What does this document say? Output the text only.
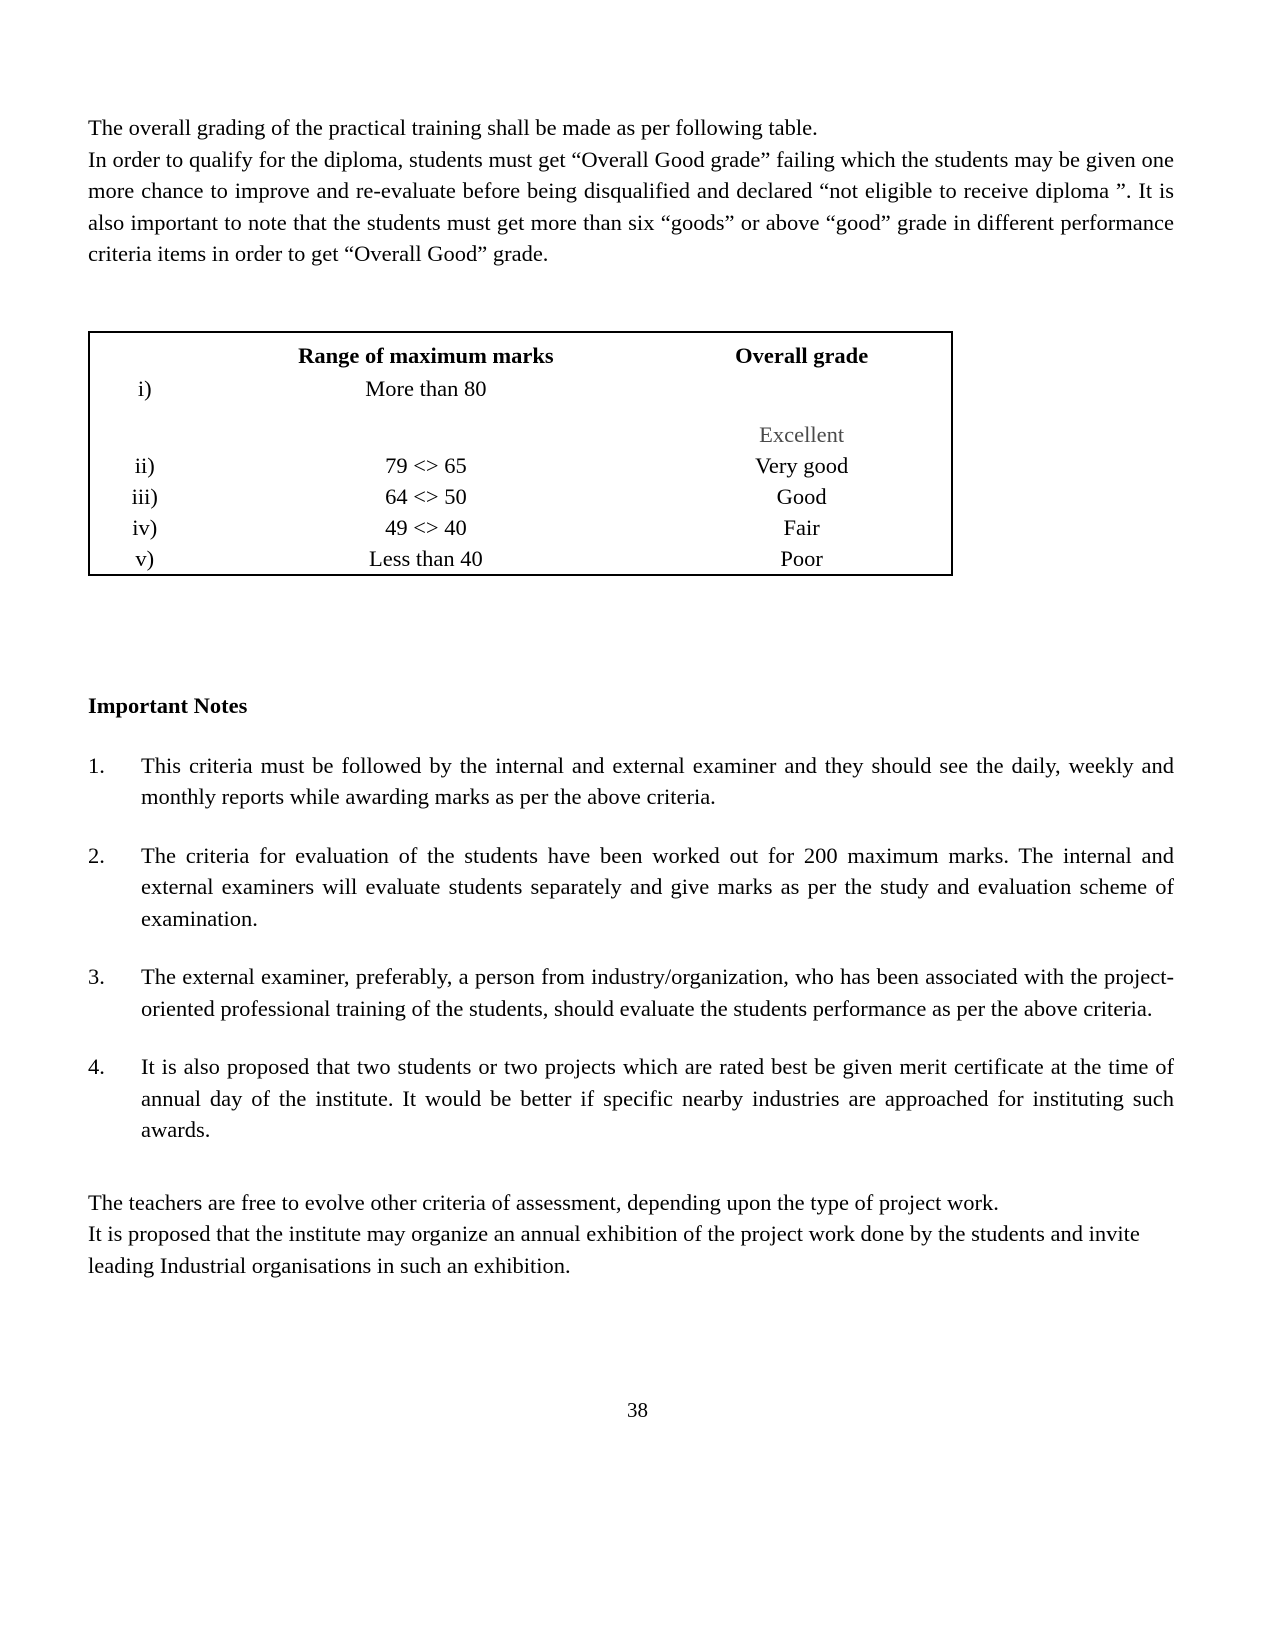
The overall grading of the practical training shall be made as per following table.

In order to qualify for the diploma, students must get “Overall Good grade” failing which the students may be given one more chance to improve and re-evaluate before being disqualified and declared “not eligible to receive diploma ”. It is also important to note that the students must get more than six “goods” or above “good” grade in different performance criteria items in order to get “Overall Good” grade.

	Range of maximum marks	Overall grade
i)	More than 80	Excellent
ii)	79 <> 65	Very good
iii)	64 <> 50	Good
iv)	49 <> 40	Fair
v)	Less than 40	Poor
Important Notes
1.	This criteria must be followed by the internal and external examiner and they should see the daily, weekly and monthly reports while awarding marks as per the above criteria.
2.	The criteria for evaluation of the students have been worked out for 200 maximum marks. The internal and external examiners will evaluate students separately and give marks as per the study and evaluation scheme of examination.
3.	The external examiner, preferably, a person from industry/organization, who has been associated with the project-oriented professional training of the students, should evaluate the students performance as per the above criteria.
4.	It is also proposed that two students or two projects which are rated best be given merit certificate at the time of annual day of the institute. It would be better if specific nearby industries are approached for instituting such awards.

The teachers are free to evolve other criteria of assessment, depending upon the type of project work.

It is proposed that the institute may organize an annual exhibition of the project work done by the students and invite leading Industrial organisations in such an exhibition.

38
